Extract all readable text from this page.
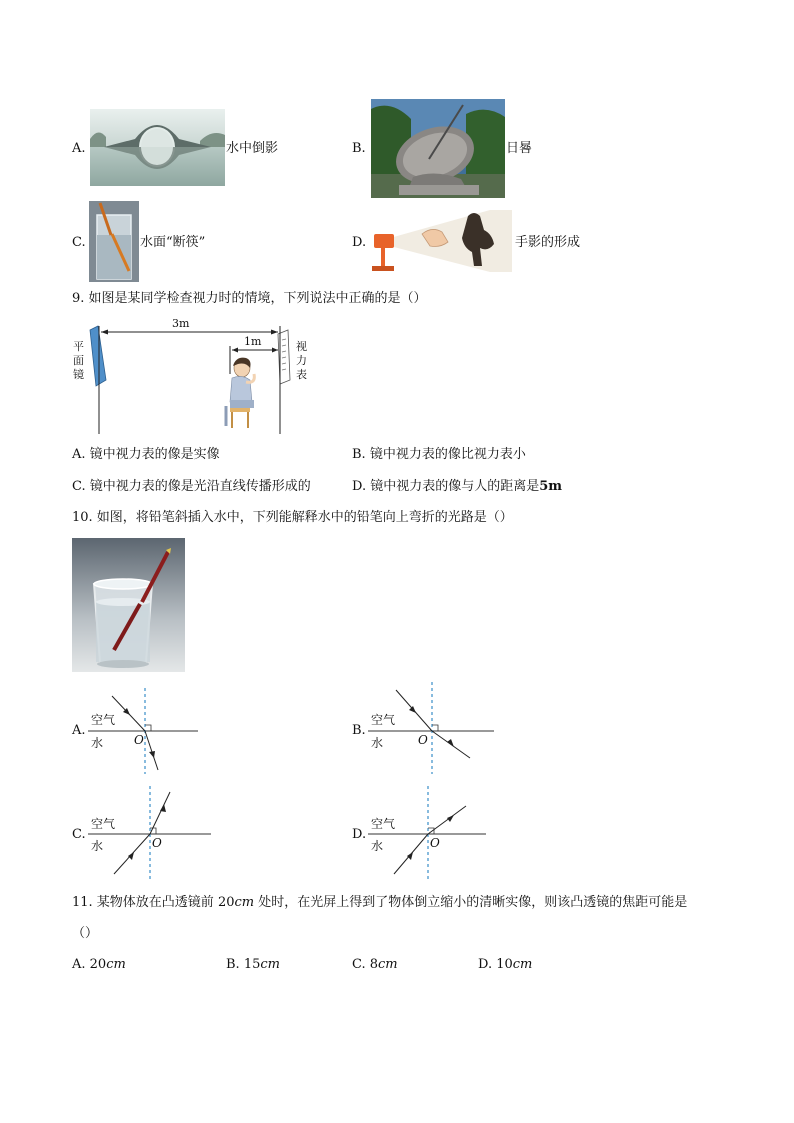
A.	水中倒影	B.	日晷
C.	水面“断筷”	D.	手影的形成
9. 如图是某同学检查视力时的情境，下列说法中正确的是（）
3m
1m
平
面
镜
视
力
表
A. 镜中视力表的像是实像	B. 镜中视力表的像比视力表小
C. 镜中视力表的像是光沿直线传播形成的	D. 镜中视力表的像与人的距离是5m
10. 如图，将铅笔斜插入水中，下列能解释水中的铅笔向上弯折的光路是（）
A.
空气
水	O
B.
空气
水	O
C.
空气
水	O
D.
空气
水	O
11. 某物体放在凸透镜前 20cm 处时，在光屏上得到了物体倒立缩小的清晰实像，则该凸透镜的焦距可能是
（）
A. 20cm	B. 15cm	C. 8cm	D. 10cm
